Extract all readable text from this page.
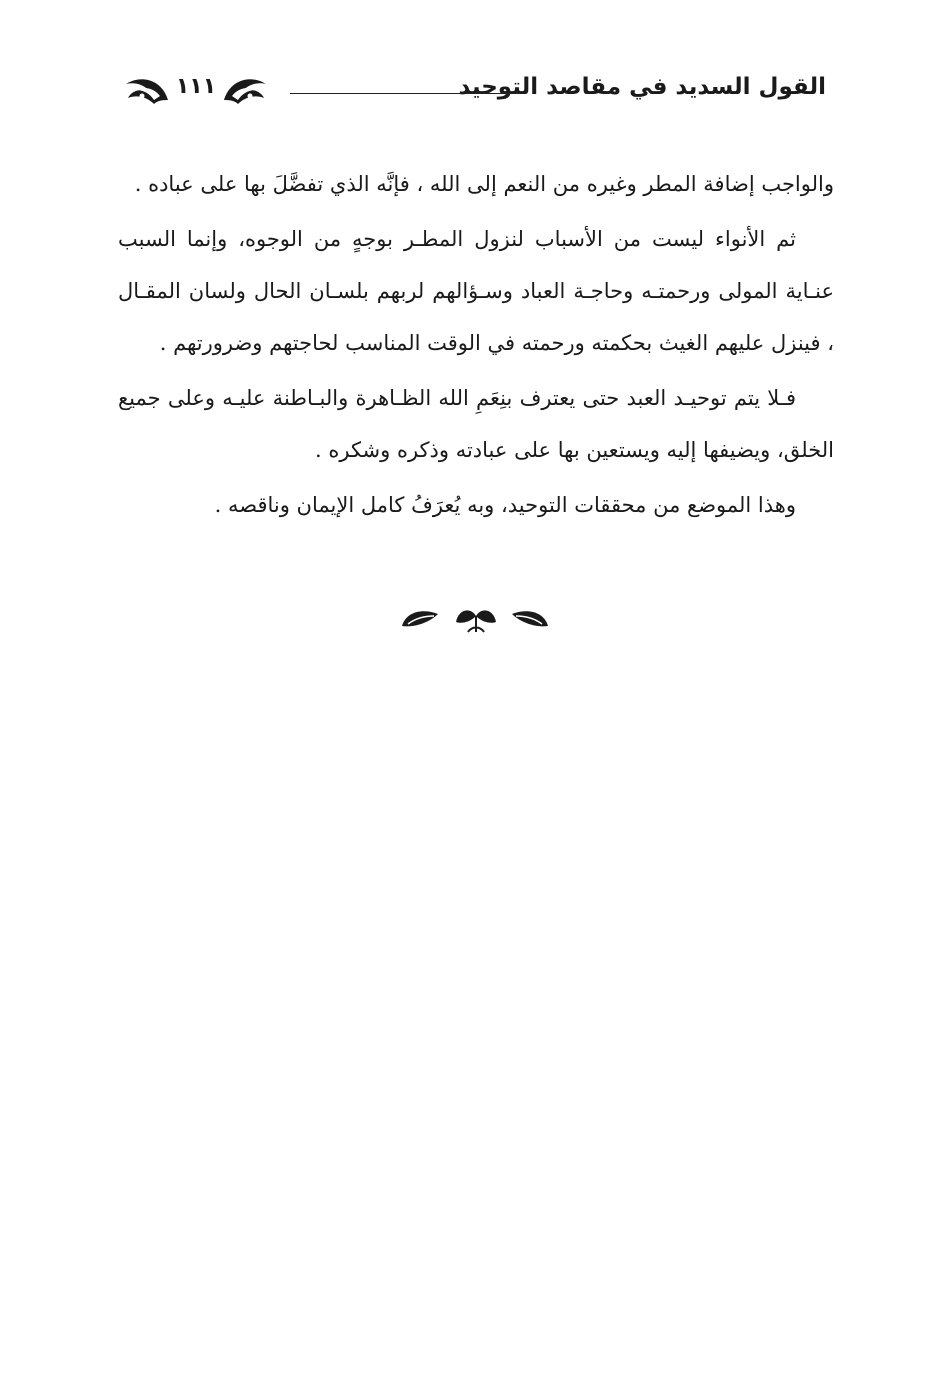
القول السديد في مقاصد التوحيد
١١١

والواجب إضافة المطر وغيره من النعم إلى الله ، فإنَّه الذي تفضَّلَ بها على عباده .

ثم الأنواء ليست من الأسباب لنزول المطـر بوجهٍ من الوجوه، وإنما السبب عنـاية المولى ورحمتـه وحاجـة العباد وسـؤالهم لربهم بلسـان الحال ولسان المقـال ، فينزل عليهم الغيث بحكمته ورحمته في الوقت المناسب لحاجتهم وضرورتهم .

فـلا يتم توحيـد العبد حتى يعترف بنِعَمِ الله الظـاهرة والبـاطنة عليـه وعلى جميع الخلق، ويضيفها إليه ويستعين بها على عبادته وذكره وشكره .

وهذا الموضع من محققات التوحيد، وبه يُعرَفُ كامل الإيمان وناقصه .
